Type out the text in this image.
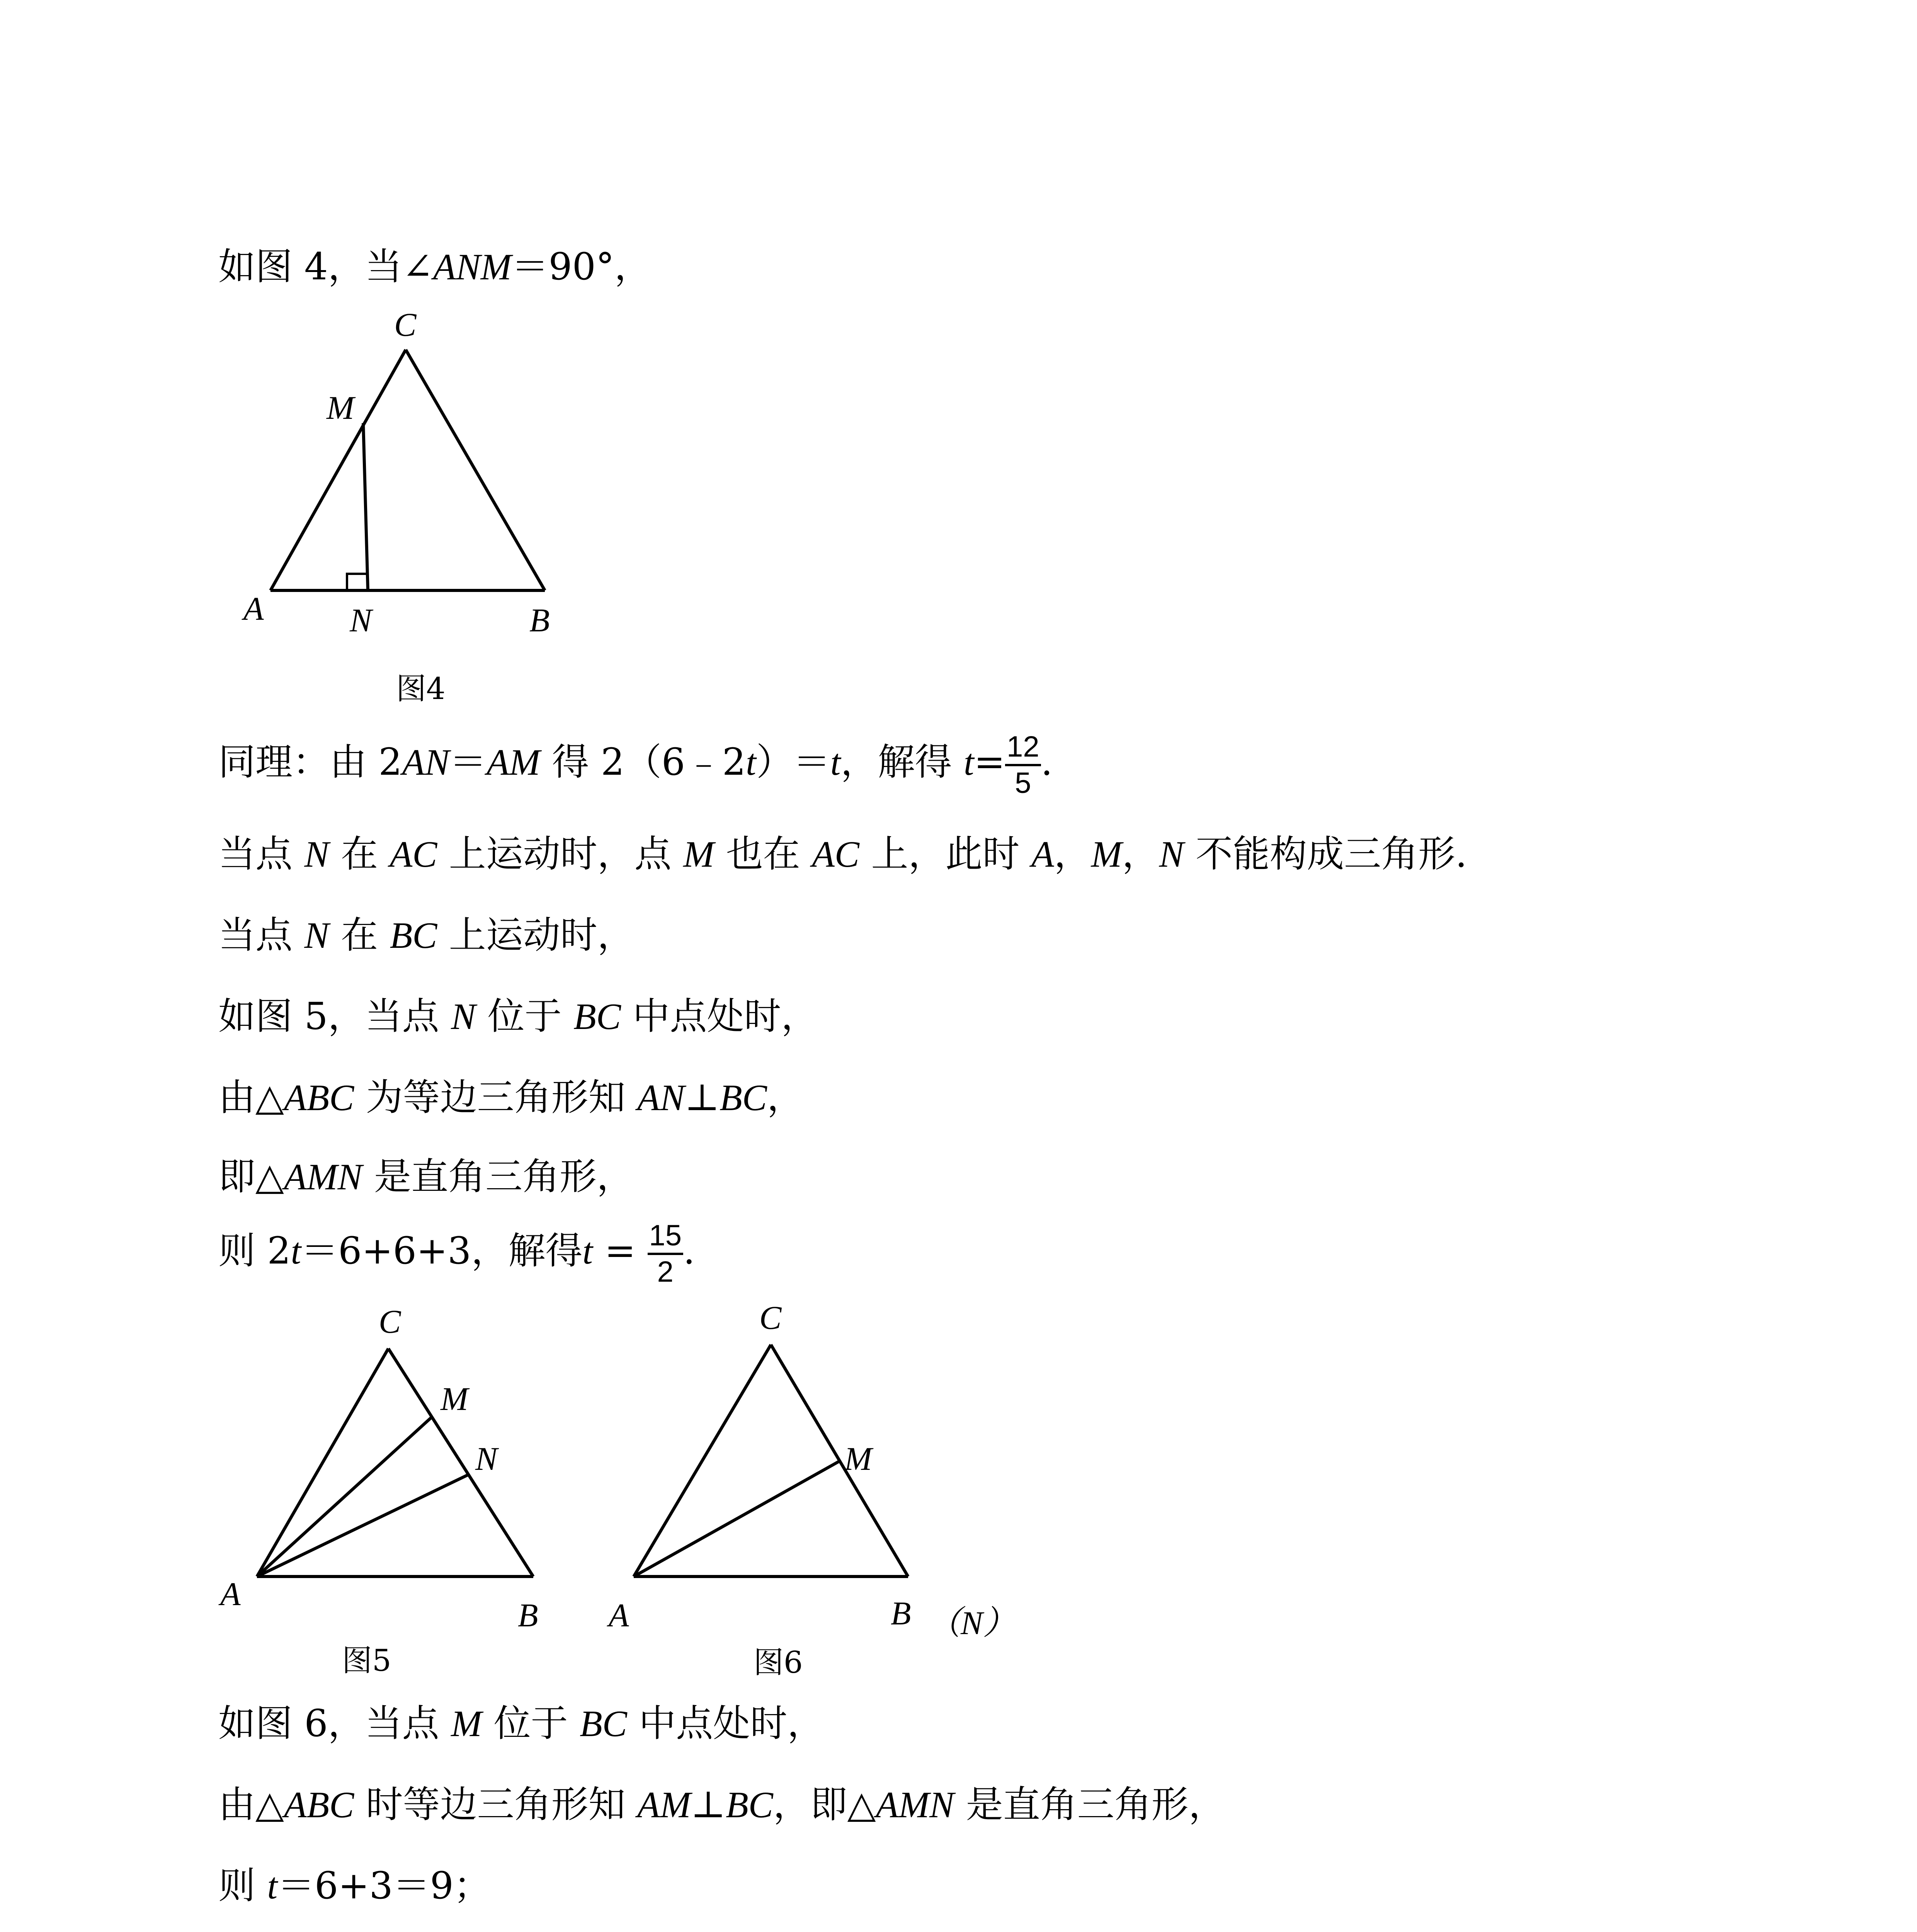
如图 4，当∠ANM＝90°，
C
M
A	N	B
图4
同理：由 2AN＝AM 得 2（6﹣2t）＝t，解得 $t= \frac{12}{5}$ .
当点 N 在 AC 上运动时，点 M 也在 AC 上，此时 A，M，N 不能构成三角形.
当点 N 在 BC 上运动时，
如图 5，当点 N 位于 BC 中点处时，
由△ABC 为等边三角形知 AN⊥BC，
即△AMN 是直角三角形，
则 2t＝6+6+3，解得$t = \frac{15}{2}$ .
C
M
N
A
B
图5
C
M
A	B （N）
图6
如图 6，当点 M 位于 BC 中点处时，
由△ABC 时等边三角形知 AM⊥BC，即△AMN 是直角三角形，
则 t＝6+3＝9；
